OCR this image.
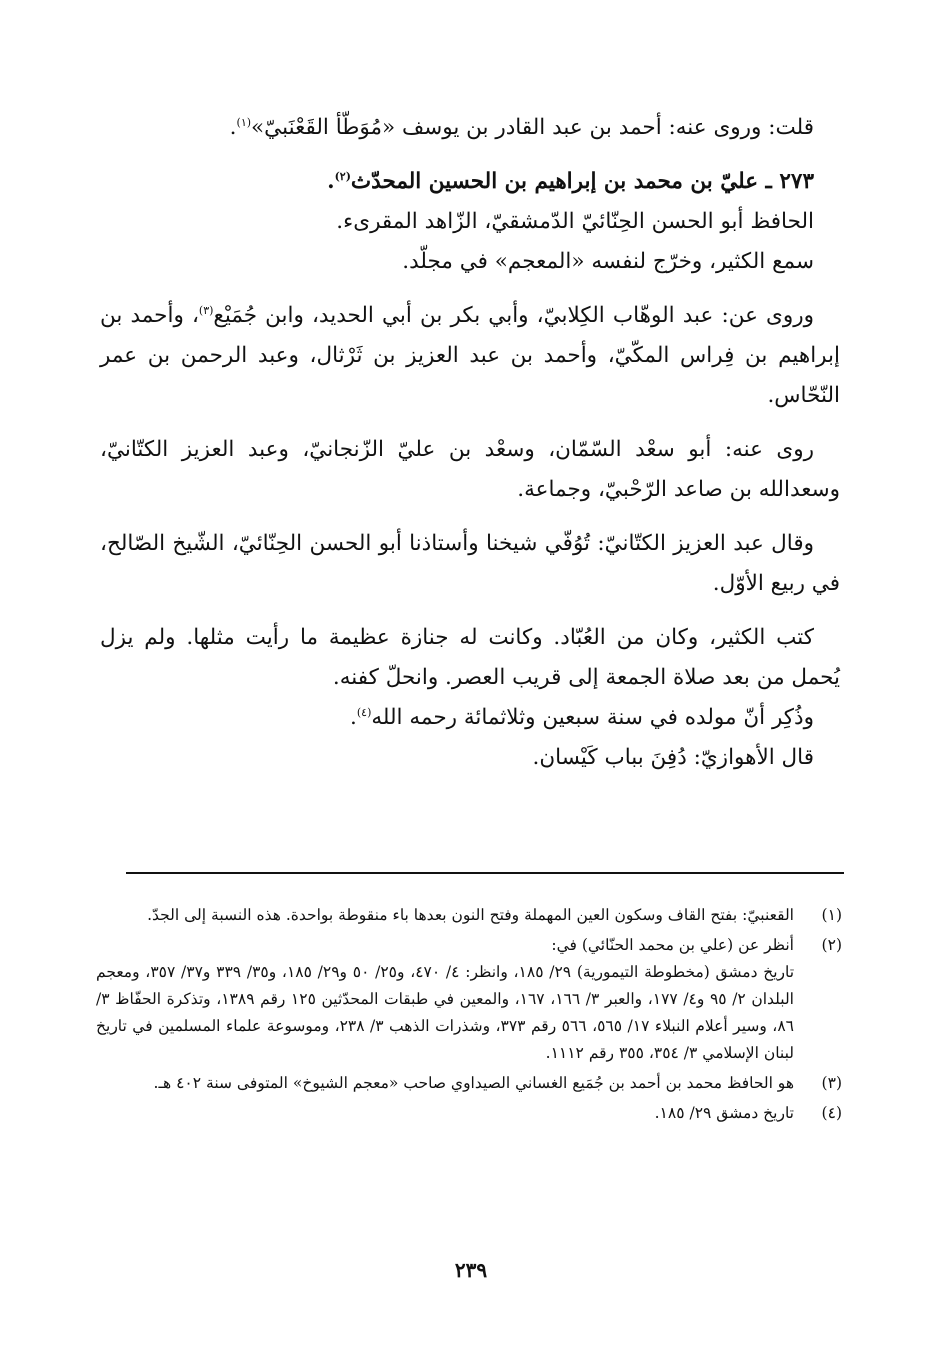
قلت: وروى عنه: أحمد بن عبد القادر بن يوسف «مُوَطّأ القَعْنَبيّ»$^{(١)}$.

٢٧٣ ـ عليّ بن محمد بن إبراهيم بن الحسين المحدّث$^{(٢)}$.

الحافظ أبو الحسن الحِنّائيّ الدّمشقيّ، الزّاهد المقرىء.

سمع الكثير، وخرّج لنفسه «المعجم» في مجلّد.

وروى عن: عبد الوهّاب الكِلابيّ، وأبي بكر بن أبي الحديد، وابن جُمَيْع$^{(٣)}$، وأحمد بن إبراهيم بن فِراس المكّيّ، وأحمد بن عبد العزيز بن ثَرْثال، وعبد الرحمن بن عمر النّحّاس.

روى عنه: أبو سعْد السّمّان، وسعْد بن عليّ الزّنجانيّ، وعبد العزيز الكتّانيّ، وسعدالله بن صاعد الرّحْبيّ، وجماعة.

وقال عبد العزيز الكتّانيّ: تُوُفّي شيخنا وأستاذنا أبو الحسن الحِنّائيّ، الشّيخ الصّالح، في ربيع الأوّل.

كتب الكثير، وكان من العُبّاد. وكانت له جنازة عظيمة ما رأيت مثلها. ولم يزل يُحمل من بعد صلاة الجمعة إلى قريب العصر. وانحلّ كفنه.

وذُكِر أنّ مولده في سنة سبعين وثلاثمائة رحمه الله$^{(٤)}$.

قال الأهوازيّ: دُفِنَ بباب كَيْسان.

(١)
القعنبيّ: بفتح القاف وسكون العين المهملة وفتح النون بعدها باء منقوطة بواحدة. هذه النسبة إلى الجدّ.
(٢)
أنظر عن (علي بن محمد الحنّائي) في:
تاريخ دمشق (مخطوطة التيمورية) ٢٩/ ١٨٥، وانظر: ٤/ ٤٧٠، و٢٥/ ٥٠ و٢٩/ ١٨٥، و٣٥/ ٣٣٩ و٣٧/ ٣٥٧، ومعجم البلدان ٢/ ٩٥ و٤/ ١٧٧، والعبر ٣/ ١٦٦، ١٦٧، والمعين في طبقات المحدّثين ١٢٥ رقم ١٣٨٩، وتذكرة الحفّاظ ٣/ ٨٦، وسير أعلام النبلاء ١٧/ ٥٦٥، ٥٦٦ رقم ٣٧٣، وشذرات الذهب ٣/ ٢٣٨، وموسوعة علماء المسلمين في تاريخ لبنان الإسلامي ٣/ ٣٥٤، ٣٥٥ رقم ١١١٢.
(٣)
هو الحافظ محمد بن أحمد بن جُمَيع الغساني الصيداوي صاحب «معجم الشيوخ» المتوفى سنة ٤٠٢ هـ.
(٤)
تاريخ دمشق ٢٩/ ١٨٥.
٢٣٩
